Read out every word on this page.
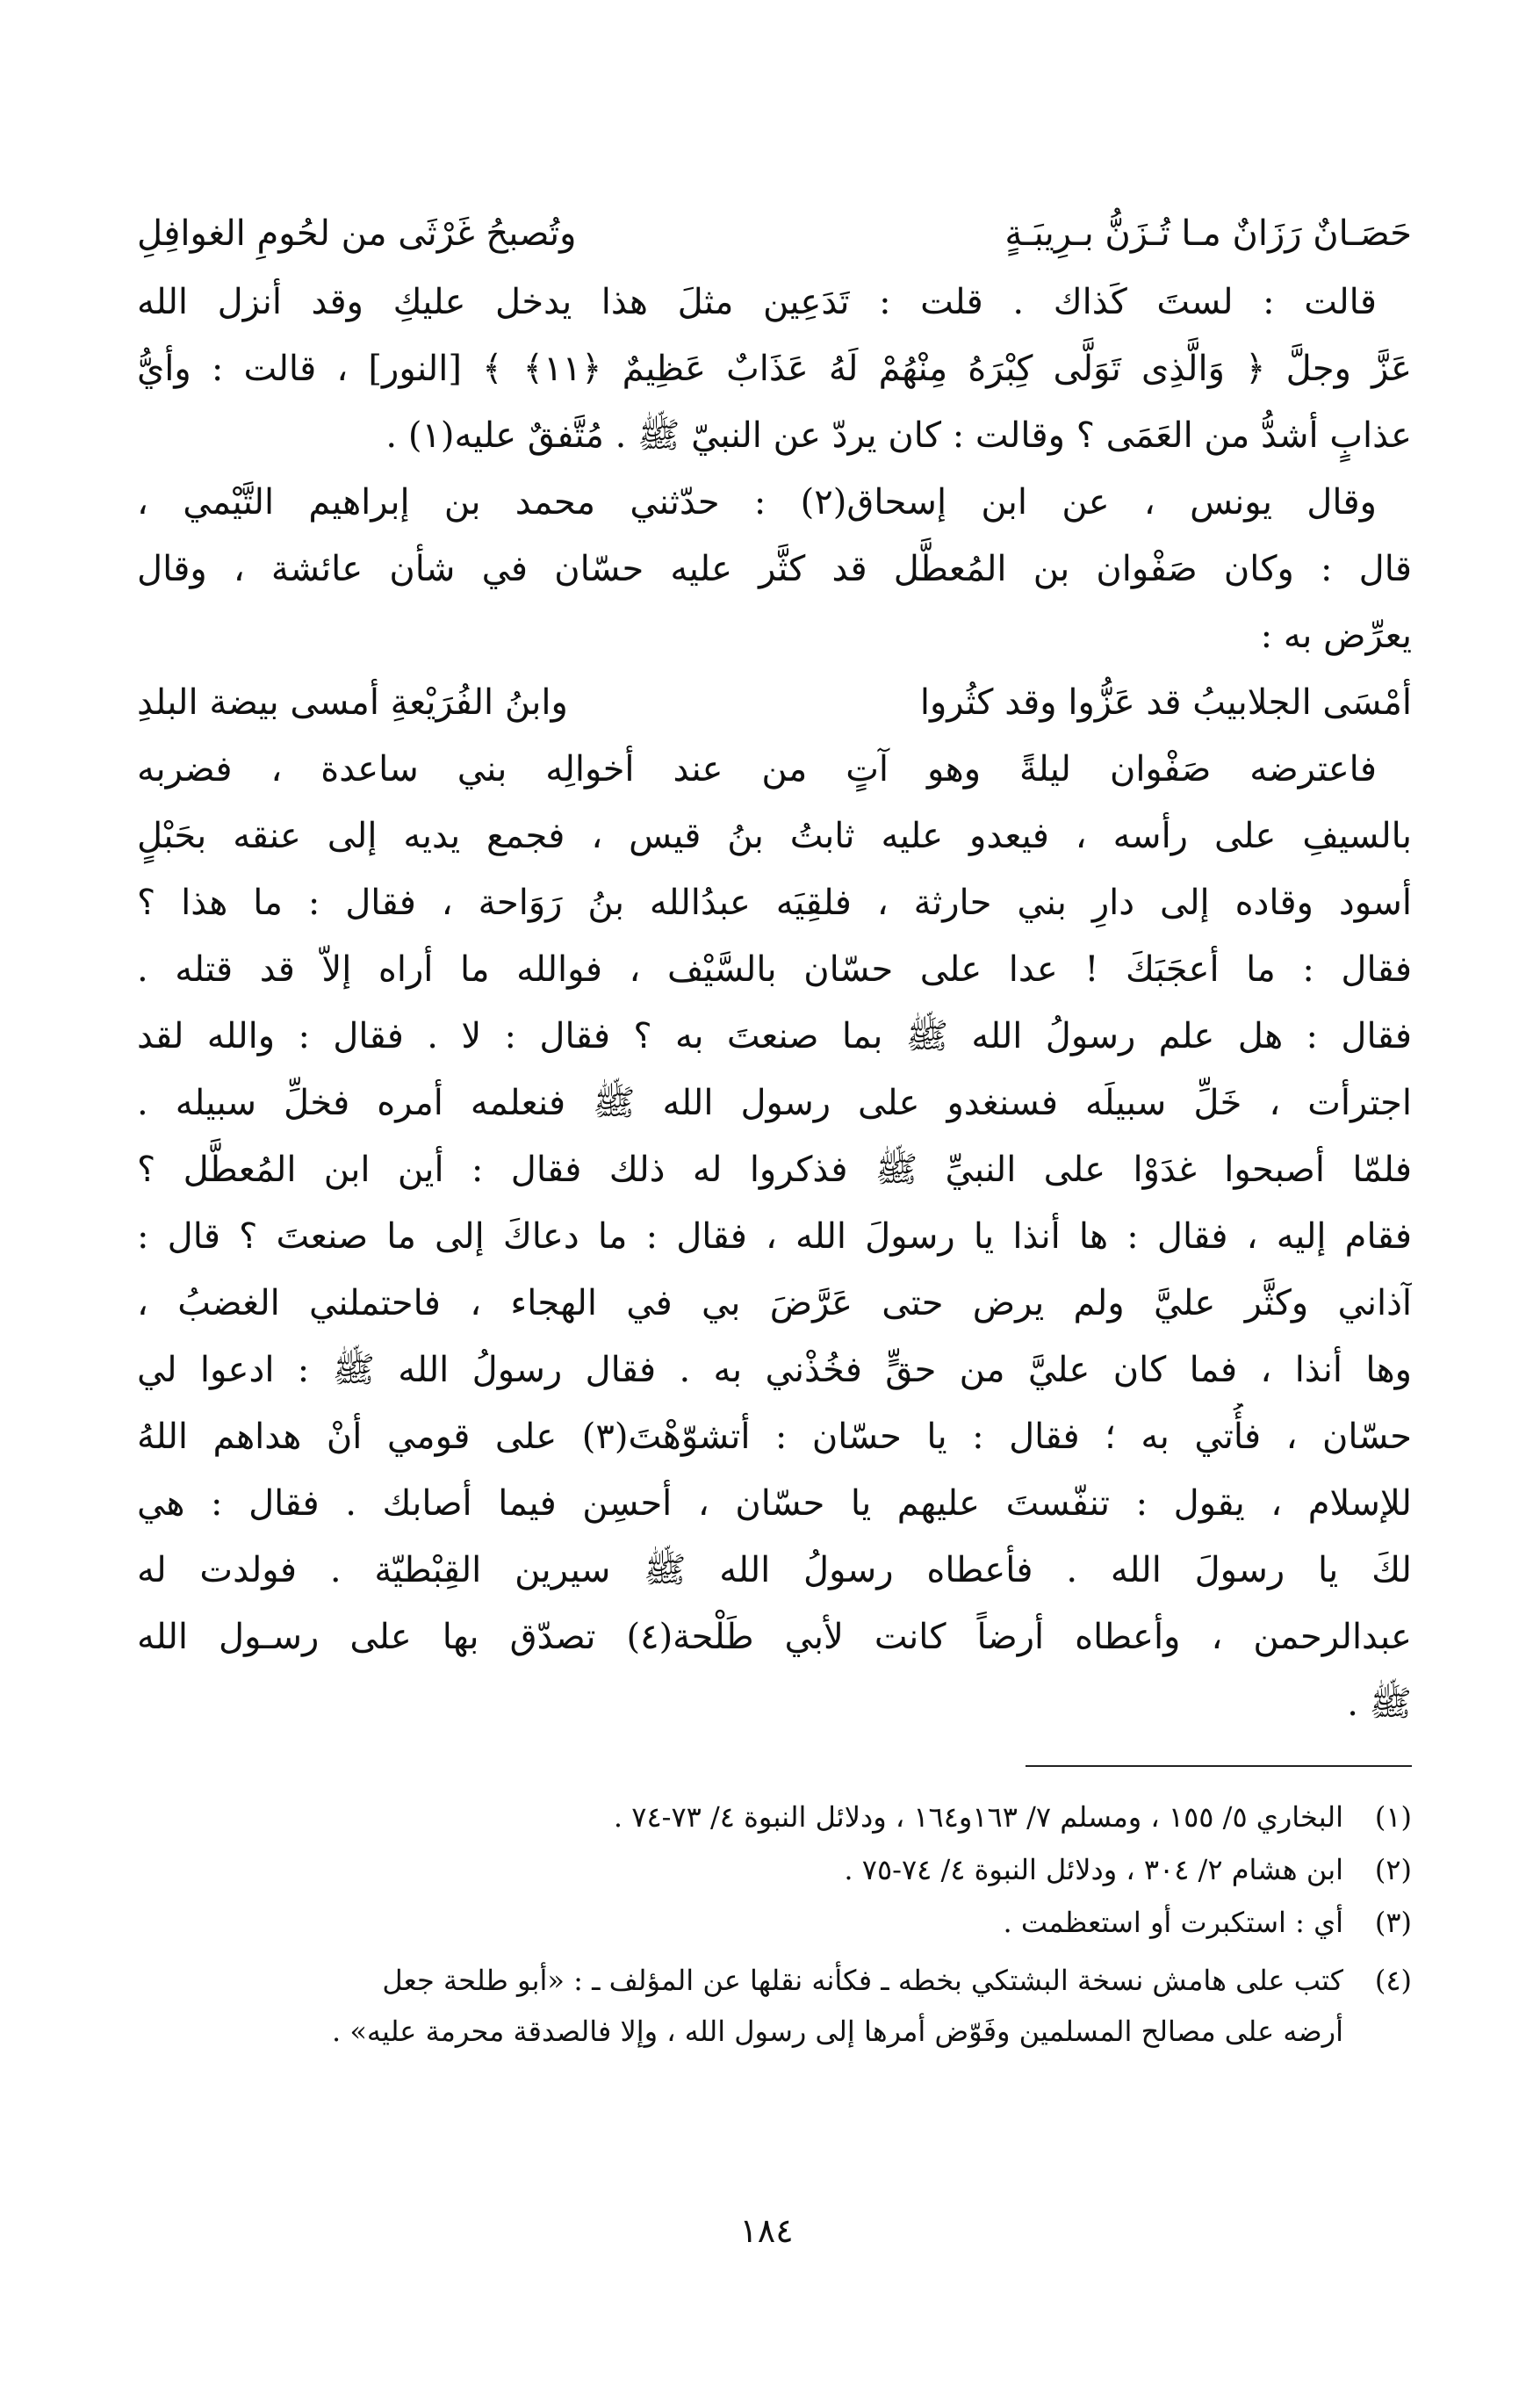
حَصَـانٌ رَزَانٌ مـا تُـزَنُّ بـرِيبَـةٍ
وتُصبحُ غَرْثَى من لحُومِ الغوافِلِ
قالت : لستَ كَذاك . قلت : تَدَعِين مثلَ هذا يدخل عليكِ وقد أنزل الله
عَزَّ وجلَّ ﴿ وَالَّذِى تَوَلَّى كِبْرَهُ مِنْهُمْ لَهُ عَذَابٌ عَظِيمٌ ﴿١١﴾ ﴾ [النور] ، قالت : وأيُّ
عذابٍ أشدُّ من العَمَى ؟ وقالت : كان يردّ عن النبيّ ﷺ . مُتَّفقٌ عليه(١) .
وقال يونس ، عن ابن إسحاق(٢) : حدّثني محمد بن إبراهيم التَّيْمي ،
قال : وكان صَفْوان بن المُعطَّل قد كثَّر عليه حسّان في شأن عائشة ، وقال
يعرِّض به :
أمْسَى الجلابيبُ قد عَزُّوا وقد كثُروا
وابنُ الفُرَيْعةِ أمسى بيضة البلدِ
فاعترضه صَفْوان ليلةً وهو آتٍ من عند أخوالِه بني ساعدة ، فضربه
بالسيفِ على رأسه ، فيعدو عليه ثابتُ بنُ قيس ، فجمع يديه إلى عنقه بحَبْلٍ
أسود وقاده إلى دارِ بني حارثة ، فلقِيَه عبدُالله بنُ رَوَاحة ، فقال : ما هذا ؟
فقال : ما أعجَبَكَ ! عدا على حسّان بالسَّيْف ، فوالله ما أراه إلاّ قد قتله .
فقال : هل علم رسولُ الله ﷺ بما صنعتَ به ؟ فقال : لا . فقال : والله لقد
اجترأت ، خَلِّ سبيلَه فسنغدو على رسول الله ﷺ فنعلمه أمره فخلِّ سبيله .
فلمّا أصبحوا غدَوْا على النبيِّ ﷺ فذكروا له ذلك فقال : أين ابن المُعطَّل ؟
فقام إليه ، فقال : ها أنذا يا رسولَ الله ، فقال : ما دعاكَ إلى ما صنعتَ ؟ قال :
آذاني وكثَّر عليَّ ولم يرض حتى عَرَّضَ بي في الهجاء ، فاحتملني الغضبُ ،
وها أنذا ، فما كان عليَّ من حقٍّ فخُذْني به . فقال رسولُ الله ﷺ : ادعوا لي
حسّان ، فأُتي به ؛ فقال : يا حسّان : أتشوّهْتَ(٣) على قومي أنْ هداهم اللهُ
للإسلام ، يقول : تنفّستَ عليهم يا حسّان ، أحسِن فيما أصابك . فقال : هي
لكَ يا رسولَ الله . فأعطاه رسولُ الله ﷺ سيرين القِبْطيّة . فولدت له
عبدالرحمن ، وأعطاه أرضاً كانت لأبي طَلْحة(٤) تصدّق بها على رسـول الله
ﷺ .
(١)
البخاري ٥/ ١٥٥ ، ومسلم ٧/ ١٦٣و١٦٤ ، ودلائل النبوة ٤/ ٧٣-٧٤ .
(٢)
ابن هشام ٢/ ٣٠٤ ، ودلائل النبوة ٤/ ٧٤-٧٥ .
(٣)
أي : استكبرت أو استعظمت .
(٤)
كتب على هامش نسخة البشتكي بخطه ـ فكأنه نقلها عن المؤلف ـ : «أبو طلحة جعل
أرضه على مصالح المسلمين وفَوّض أمرها إلى رسول الله ، وإلا فالصدقة محرمة عليه» .
١٨٤
